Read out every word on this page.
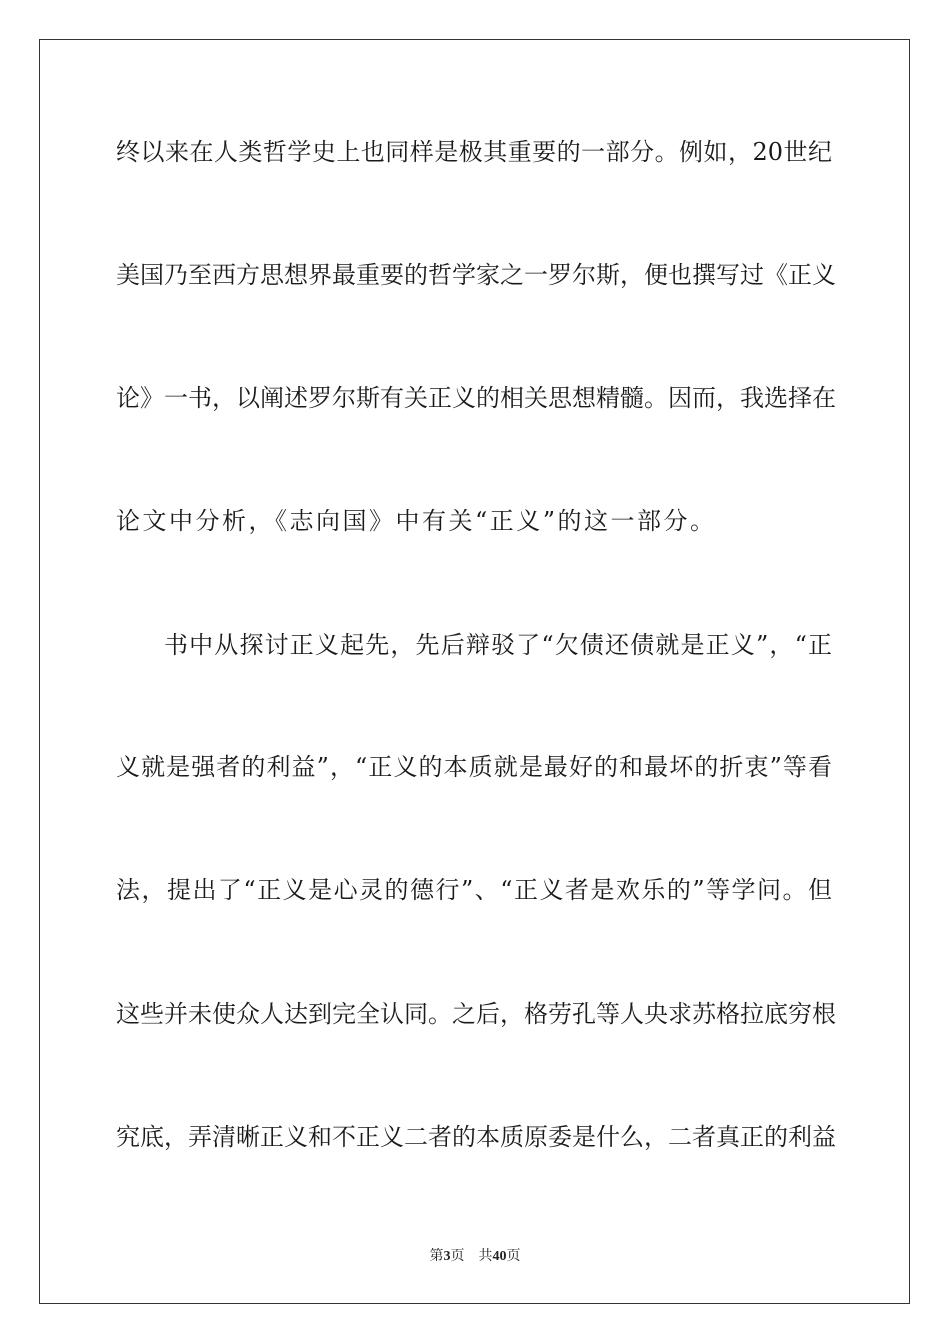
终以来在人类哲学史上也同样是极其重要的一部分。例如，20世纪
美国乃至西方思想界最重要的哲学家之一罗尔斯，便也撰写过《正义
论》一书，以阐述罗尔斯有关正义的相关思想精髓。因而，我选择在
论文中分析，《志向国》中有关“正义”的这一部分。
书中从探讨正义起先，先后辩驳了“欠债还债就是正义”，“正
义就是强者的利益”，“正义的本质就是最好的和最坏的折衷”等看
法，提出了“正义是心灵的德行”、“正义者是欢乐的”等学问。但
这些并未使众人达到完全认同。之后，格劳孔等人央求苏格拉底穷根
究底，弄清晰正义和不正义二者的本质原委是什么，二者真正的利益
第3页 共40页
